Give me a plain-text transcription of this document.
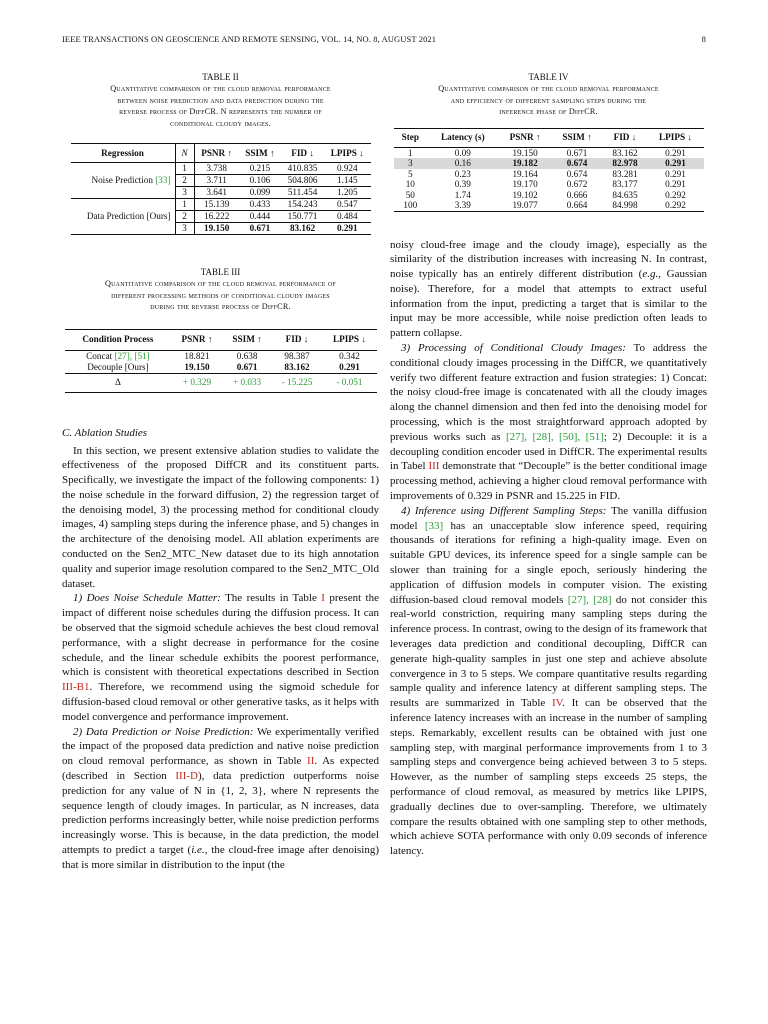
IEEE TRANSACTIONS ON GEOSCIENCE AND REMOTE SENSING, VOL. 14, NO. 8, AUGUST 2021	8
TABLE II
Quantitative comparison of the cloud removal performance
between noise prediction and data prediction during the
reverse process of DiffCR. N represents the number of
conditional cloudy images.
Regression	N	PSNR ↑	SSIM ↑	FID ↓	LPIPS ↓
Noise Prediction [33]	1	3.738	0.215	410.835	0.924
	2	3.711	0.106	504.806	1.145
	3	3.641	0.099	511.454	1.205
Data Prediction [Ours]	1	15.139	0.433	154.243	0.547
	2	16.222	0.444	150.771	0.484
	3	19.150	0.671	83.162	0.291
TABLE III
Quantitative comparison of the cloud removal performance of
different processing methods of conditional cloudy images
during the reverse process of DiffCR.
Condition Process	PSNR ↑	SSIM ↑	FID ↓	LPIPS ↓
Concat [27], [51]	18.821	0.638	98.387	0.342
Decouple [Ours]	19.150	0.671	83.162	0.291
Δ	+ 0.329	+ 0.033	- 15.225	- 0.051

C. Ablation Studies

In this section, we present extensive ablation studies to validate the effectiveness of the proposed DiffCR and its constituent parts. Specifically, we investigate the impact of the following components: 1) the noise schedule in the forward diffusion, 2) the regression target of the denoising model, 3) the processing method for conditional cloudy images, 4) sampling steps during the inference phase, and 5) changes in the architecture of the denoising model. All ablation experiments are conducted on the Sen2_MTC_New dataset due to its high annotation quality and superior image resolution compared to the Sen2_MTC_Old dataset.

1) Does Noise Schedule Matter: The results in Table I present the impact of different noise schedules during the diffusion process. It can be observed that the sigmoid schedule achieves the best cloud removal performance, with a slight decrease in performance for the cosine schedule, and the linear schedule exhibits the poorest performance, which is consistent with theoretical expectations described in Section III-B1. Therefore, we recommend using the sigmoid schedule for diffusion-based cloud removal or other generative tasks, as it helps with model convergence and performance improvement.

2) Data Prediction or Noise Prediction: We experimentally verified the impact of the proposed data prediction and native noise prediction on cloud removal performance, as shown in Table II. As expected (described in Section III-D), data prediction outperforms noise prediction for any value of N in {1, 2, 3}, where N represents the sequence length of cloudy images. In particular, as N increases, data prediction performs increasingly better, while noise prediction performs increasingly worse. This is because, in the data prediction, the model attempts to predict a target (i.e., the cloud-free image after denoising) that is more similar in distribution to the input (the

TABLE IV
Quantitative comparison of the cloud removal performance
and efficiency of different sampling steps during the
inference phase of DiffCR.
Step	Latency (s)	PSNR ↑	SSIM ↑	FID ↓	LPIPS ↓
1	0.09	19.150	0.671	83.162	0.291
3	0.16	19.182	0.674	82.978	0.291
5	0.23	19.164	0.674	83.281	0.291
10	0.39	19.170	0.672	83.177	0.291
50	1.74	19.102	0.666	84.635	0.292
100	3.39	19.077	0.664	84.998	0.292

noisy cloud-free image and the cloudy image), especially as the similarity of the distribution increases with increasing N. In contrast, noise typically has an entirely different distribution (e.g., Gaussian noise). Therefore, for a model that attempts to extract useful information from the input, predicting a target that is similar to the input may be more accessible, while noise prediction often leads to pattern collapse.

3) Processing of Conditional Cloudy Images: To address the conditional cloudy images processing in the DiffCR, we quantitatively verify two different feature extraction and fusion strategies: 1) Concat: the noisy cloud-free image is concatenated with all the cloudy images along the channel dimension and then fed into the denoising model for processing, which is the most straightforward approach adopted by previous works such as [27], [28], [50], [51]; 2) Decouple: it is a decoupling condition encoder used in DiffCR. The experimental results in Tabel III demonstrate that “Decouple” is the better conditional image processing method, achieving a higher cloud removal performance with improvements of 0.329 in PSNR and 15.225 in FID.

4) Inference using Different Sampling Steps: The vanilla diffusion model [33] has an unacceptable slow inference speed, requiring thousands of iterations for refining a high-quality image. Even on suitable GPU devices, its inference speed for a single sample can be slower than training for a single epoch, seriously hindering the application of diffusion models in computer vision. The existing diffusion-based cloud removal models [27], [28] do not consider this real-world constriction, requiring many sampling steps during the inference process. In contrast, owing to the design of its framework that leverages data prediction and conditional decoupling, DiffCR can generate high-quality samples in just one step and achieve absolute convergence in 3 to 5 steps. We compare quantitative results regarding sample quality and inference latency at different sampling steps. The results are summarized in Table IV. It can be observed that the inference latency increases with an increase in the number of sampling steps. Remarkably, excellent results can be obtained with just one sampling step, with marginal performance improvements from 1 to 3 sampling steps and convergence being achieved between 3 to 5 steps. However, as the number of sampling steps exceeds 25 steps, the performance of cloud removal, as measured by metrics like LPIPS, gradually declines due to over-sampling. Therefore, we ultimately compare the results obtained with one sampling step to other methods, which achieve SOTA performance with only 0.09 seconds of inference latency.
